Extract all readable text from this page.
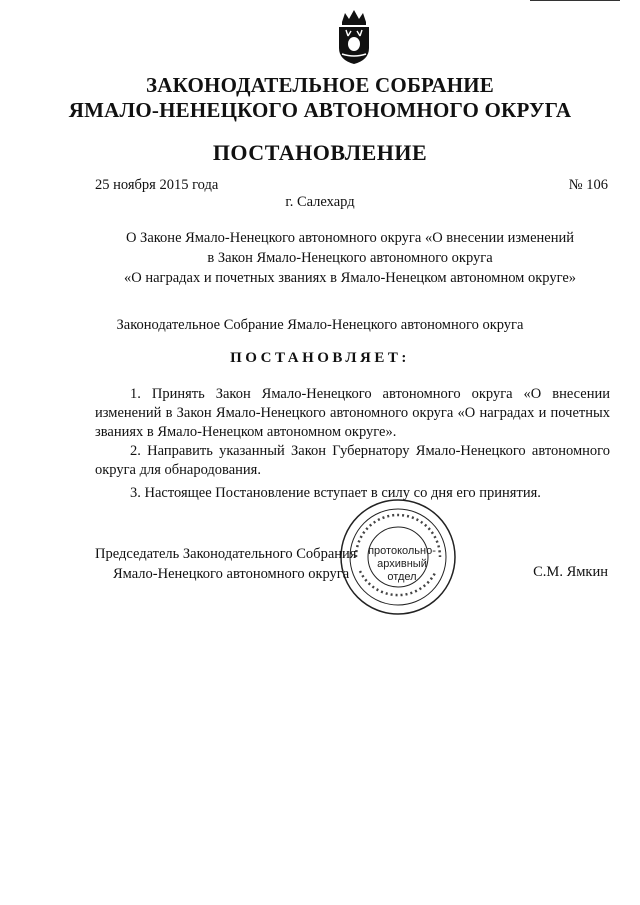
ЗАКОНОДАТЕЛЬНОЕ СОБРАНИЕ
ЯМАЛО-НЕНЕЦКОГО АВТОНОМНОГО ОКРУГА
ПОСТАНОВЛЕНИЕ
25 ноября 2015 года	№ 106
г. Салехард
О Законе Ямало-Ненецкого автономного округа «О внесении изменений
в Закон Ямало-Ненецкого автономного округа
«О наградах и почетных званиях в Ямало-Ненецком автономном округе»
Законодательное Собрание Ямало-Ненецкого автономного округа
ПОСТАНОВЛЯЕТ:

1. Принять Закон Ямало-Ненецкого автономного округа «О внесении изменений в Закон Ямало-Ненецкого автономного округа «О наградах и почетных званиях в Ямало-Ненецком автономном округе».

2. Направить указанный Закон Губернатору Ямало-Ненецкого автономного округа для обнародования.

3. Настоящее Постановление вступает в силу со дня его принятия.

протокольно-
архивный
отдел
Председатель Законодательного Собрания
Ямало-Ненецкого автономного округа	С.М. Ямкин
